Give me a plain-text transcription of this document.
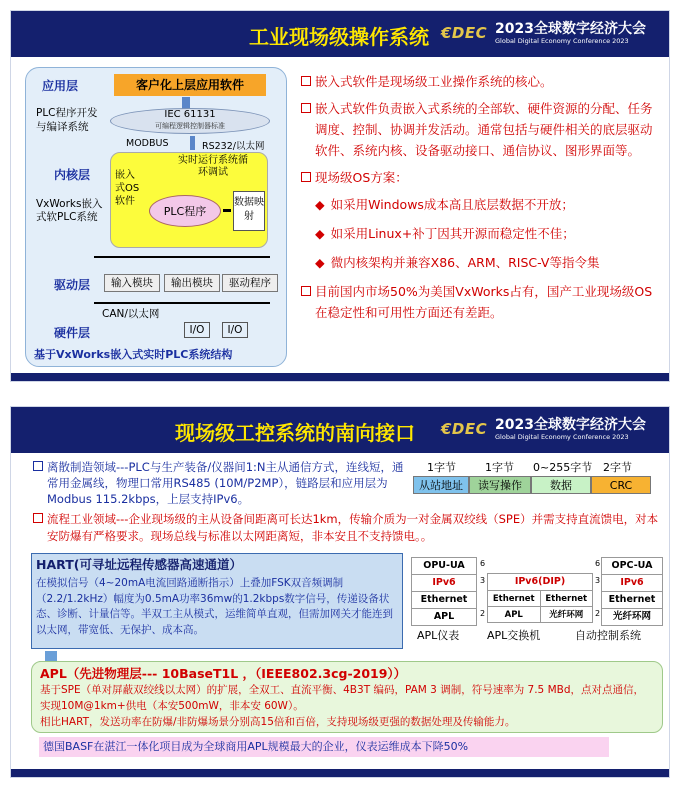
工业现场级操作系统 €DEC 2023全球数字经济大会
Global Digital Economy Conference 2023
应用层	客户化上层应用软件
PLC程序开发与编译系统
IEC 61131
可编程逻辑控制器标准
MODBUS	RS232/以太网
内核层
VxWorks嵌入式软PLC系统
嵌入式OS软件
实时运行系统循环调试
PLC程序
数据映射
驱动层	输入模块	输出模块	驱动程序
CAN/以太网
硬件层	I/O	I/O
基于VxWorks嵌入式实时PLC系统结构
嵌入式软件是现场级工业操作系统的核心。
嵌入式软件负责嵌入式系统的全部软、硬件资源的分配、任务调度、控制、协调并发活动。通常包括与硬件相关的底层驱动软件、系统内核、设备驱动接口、通信协议、图形界面等。
现场级OS方案：
◆ 如采用Windows成本高且底层数据不开放；
◆ 如采用Linux+补丁因其开源而稳定性不佳；
◆ 微内核架构并兼容X86、ARM、RISC-V等指令集
目前国内市场50%为美国VxWorks占有，国产工业现场级OS在稳定性和可用性方面还有差距。
现场级工控系统的南向接口 €DEC 2023全球数字经济大会
Global Digital Economy Conference 2023
离散制造领域---PLC与生产装备/仪器间1:N主从通信方式，连线短，通常用金属线，物理口常用RS485 (10M/P2MP），链路层和应用层为 Modbus 115.2kbps，上层支持IPv6。
1字节	1字节 0~255字节 2字节
从站地址	读写操作	数据	CRC
流程工业领域---企业现场级的主从设备间距离可长达1km，传输介质为一对金属双绞线（SPE）并需支持直流馈电，对本安防爆有严格要求。现场总线与标准以太网距离短，非本安且不支持馈电。。
HART(可寻址远程传感器高速通道）
在模拟信号（4~20mA电流回路通断指示）上叠加FSK双音频调制（2.2/1.2kHz）幅度为0.5mA功率36mw的1.2kbps数字信号，传递设备状态、诊断、计量信等。半双工主从模式，运维简单直观，但需加网关才能连到以太网，带宽低、无保护、成本高。
OPU-UA
IPv6
Ethernet
APL
6
3
2
IPv6(DIP)
Ethernet	Ethernet
APL	光纤环网
6
3
2
OPC-UA
IPv6
Ethernet
光纤环网
APL仪表	APL交换机	自动控制系统
APL（先进物理层--- 10BaseT1L ，（IEEE802.3cg-2019））
基于SPE（单对屏蔽双绞线以太网）的扩展，全双工、直流平衡、4B3T 编码，PAM 3 调制，符号速率为 7.5 MBd，点对点通信，实现10M@1km+供电（本安500mW，非本安 60W）。
相比HART，发送功率在防爆/非防爆场景分别高15倍和百倍，支持现场级更强的数据处理及传输能力。
德国BASF在湛江一体化项目成为全球商用APL规模最大的企业，仪表运维成本下降50%
